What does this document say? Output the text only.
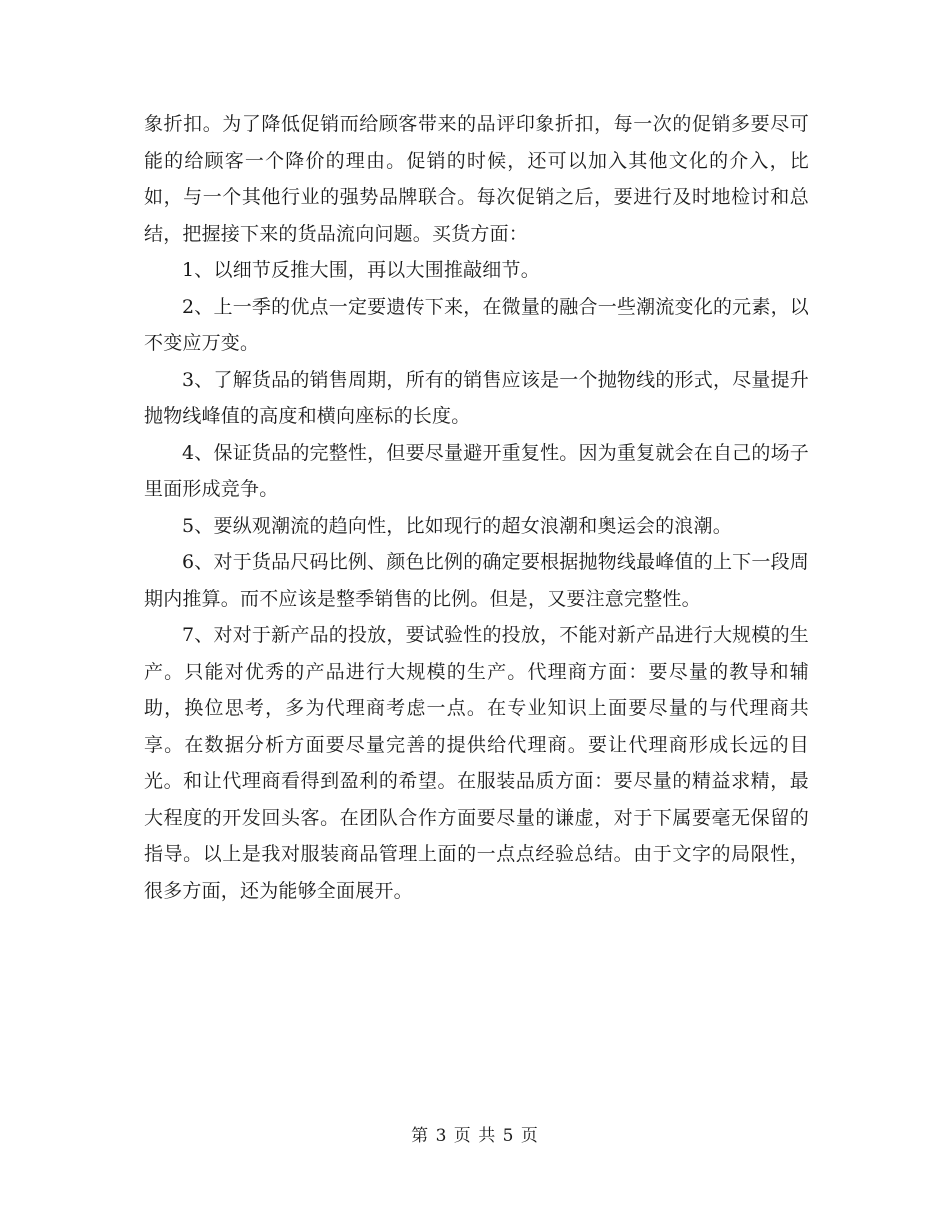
象折扣。为了降低促销而给顾客带来的品评印象折扣，每一次的促销多要尽可能的给顾客一个降价的理由。促销的时候，还可以加入其他文化的介入，比如，与一个其他行业的强势品牌联合。每次促销之后，要进行及时地检讨和总结，把握接下来的货品流向问题。买货方面：

1、以细节反推大围，再以大围推敲细节。

2、上一季的优点一定要遗传下来，在微量的融合一些潮流变化的元素，以不变应万变。

3、了解货品的销售周期，所有的销售应该是一个抛物线的形式，尽量提升抛物线峰值的高度和横向座标的长度。

4、保证货品的完整性，但要尽量避开重复性。因为重复就会在自己的场子里面形成竞争。

5、要纵观潮流的趋向性，比如现行的超女浪潮和奥运会的浪潮。

6、对于货品尺码比例、颜色比例的确定要根据抛物线最峰值的上下一段周期内推算。而不应该是整季销售的比例。但是，又要注意完整性。

7、对对于新产品的投放，要试验性的投放，不能对新产品进行大规模的生产。只能对优秀的产品进行大规模的生产。代理商方面：要尽量的教导和辅助，换位思考，多为代理商考虑一点。在专业知识上面要尽量的与代理商共享。在数据分析方面要尽量完善的提供给代理商。要让代理商形成长远的目光。和让代理商看得到盈利的希望。在服装品质方面：要尽量的精益求精，最大程度的开发回头客。在团队合作方面要尽量的谦虚，对于下属要毫无保留的指导。以上是我对服装商品管理上面的一点点经验总结。由于文字的局限性，很多方面，还为能够全面展开。

第 3 页 共 5 页
